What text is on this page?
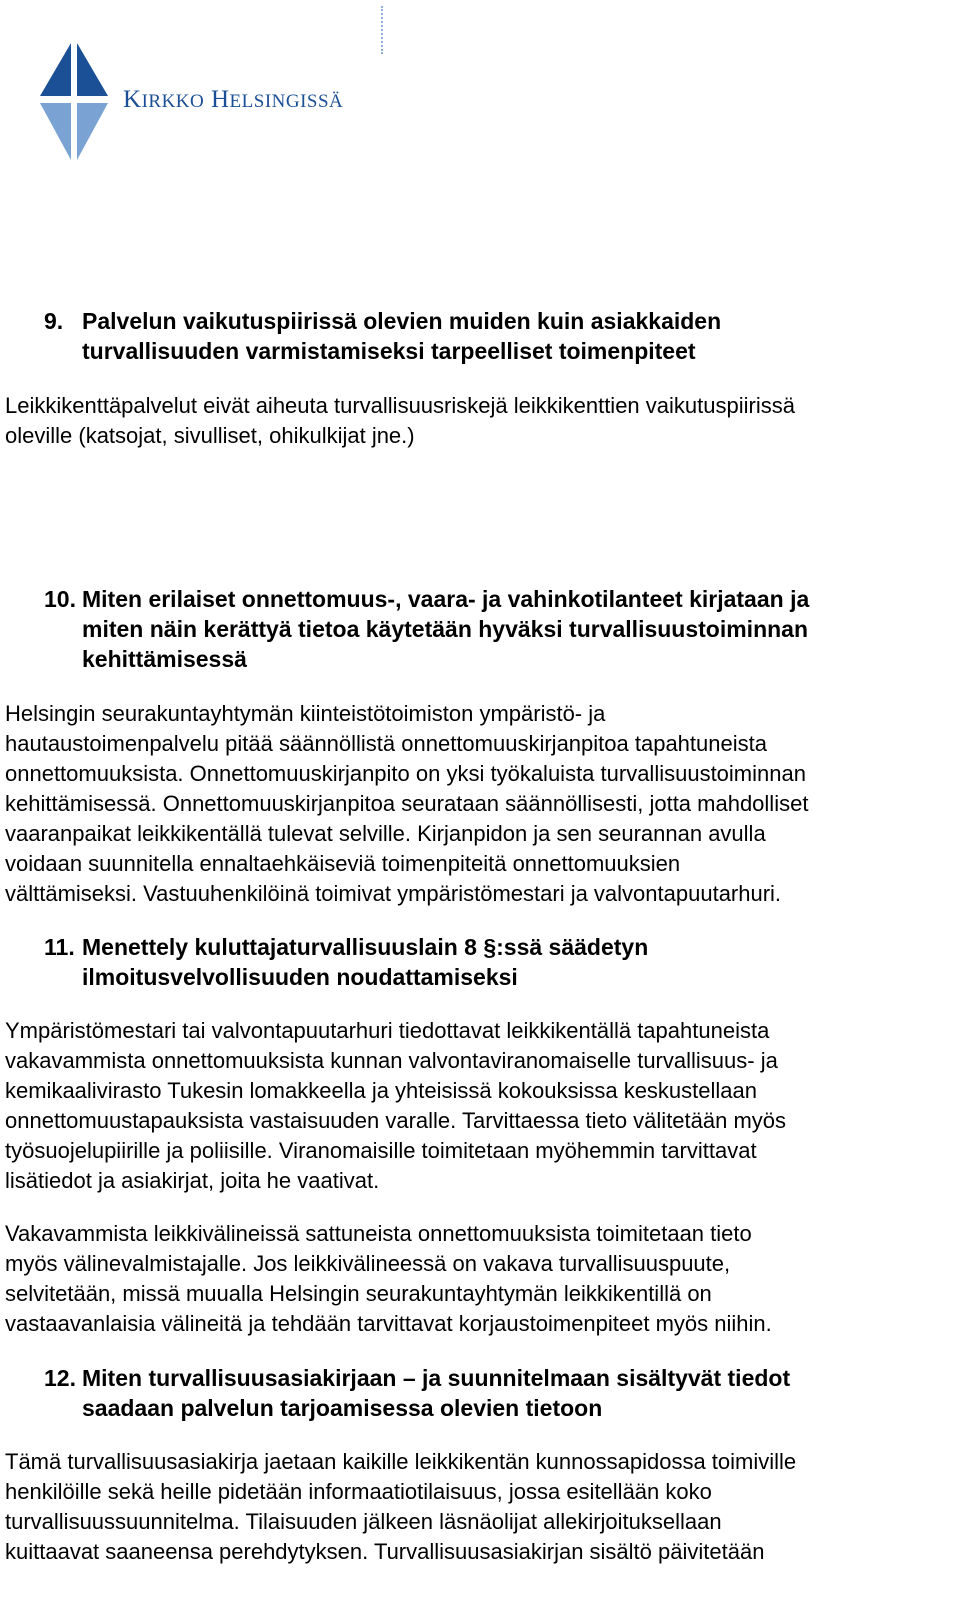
KIRKKO HELSINGISSÄ
9. Palvelun vaikutuspiirissä olevien muiden kuin asiakkaiden
turvallisuuden varmistamiseksi tarpeelliset toimenpiteet
Leikkikenttäpalvelut eivät aiheuta turvallisuusriskejä leikkikenttien vaikutuspiirissä
oleville (katsojat, sivulliset, ohikulkijat jne.)
10. Miten erilaiset onnettomuus-, vaara- ja vahinkotilanteet kirjataan ja
miten näin kerättyä tietoa käytetään hyväksi turvallisuustoiminnan
kehittämisessä
Helsingin seurakuntayhtymän kiinteistötoimiston ympäristö- ja
hautaustoimenpalvelu pitää säännöllistä onnettomuuskirjanpitoa tapahtuneista
onnettomuuksista. Onnettomuuskirjanpito on yksi työkaluista turvallisuustoiminnan
kehittämisessä. Onnettomuuskirjanpitoa seurataan säännöllisesti, jotta mahdolliset
vaaranpaikat leikkikentällä tulevat selville. Kirjanpidon ja sen seurannan avulla
voidaan suunnitella ennaltaehkäiseviä toimenpiteitä onnettomuuksien
välttämiseksi. Vastuuhenkilöinä toimivat ympäristömestari ja valvontapuutarhuri.
11. Menettely kuluttajaturvallisuuslain 8 §:ssä säädetyn
ilmoitusvelvollisuuden noudattamiseksi
Ympäristömestari tai valvontapuutarhuri tiedottavat leikkikentällä tapahtuneista
vakavammista onnettomuuksista kunnan valvontaviranomaiselle turvallisuus- ja
kemikaalivirasto Tukesin lomakkeella ja yhteisissä kokouksissa keskustellaan
onnettomuustapauksista vastaisuuden varalle. Tarvittaessa tieto välitetään myös
työsuojelupiirille ja poliisille. Viranomaisille toimitetaan myöhemmin tarvittavat
lisätiedot ja asiakirjat, joita he vaativat.
Vakavammista leikkivälineissä sattuneista onnettomuuksista toimitetaan tieto
myös välinevalmistajalle. Jos leikkivälineessä on vakava turvallisuuspuute,
selvitetään, missä muualla Helsingin seurakuntayhtymän leikkikentillä on
vastaavanlaisia välineitä ja tehdään tarvittavat korjaustoimenpiteet myös niihin.
12. Miten turvallisuusasiakirjaan – ja suunnitelmaan sisältyvät tiedot
saadaan palvelun tarjoamisessa olevien tietoon
Tämä turvallisuusasiakirja jaetaan kaikille leikkikentän kunnossapidossa toimiville
henkilöille sekä heille pidetään informaatiotilaisuus, jossa esitellään koko
turvallisuussuunnitelma. Tilaisuuden jälkeen läsnäolijat allekirjoituksellaan
kuittaavat saaneensa perehdytyksen. Turvallisuusasiakirjan sisältö päivitetään
